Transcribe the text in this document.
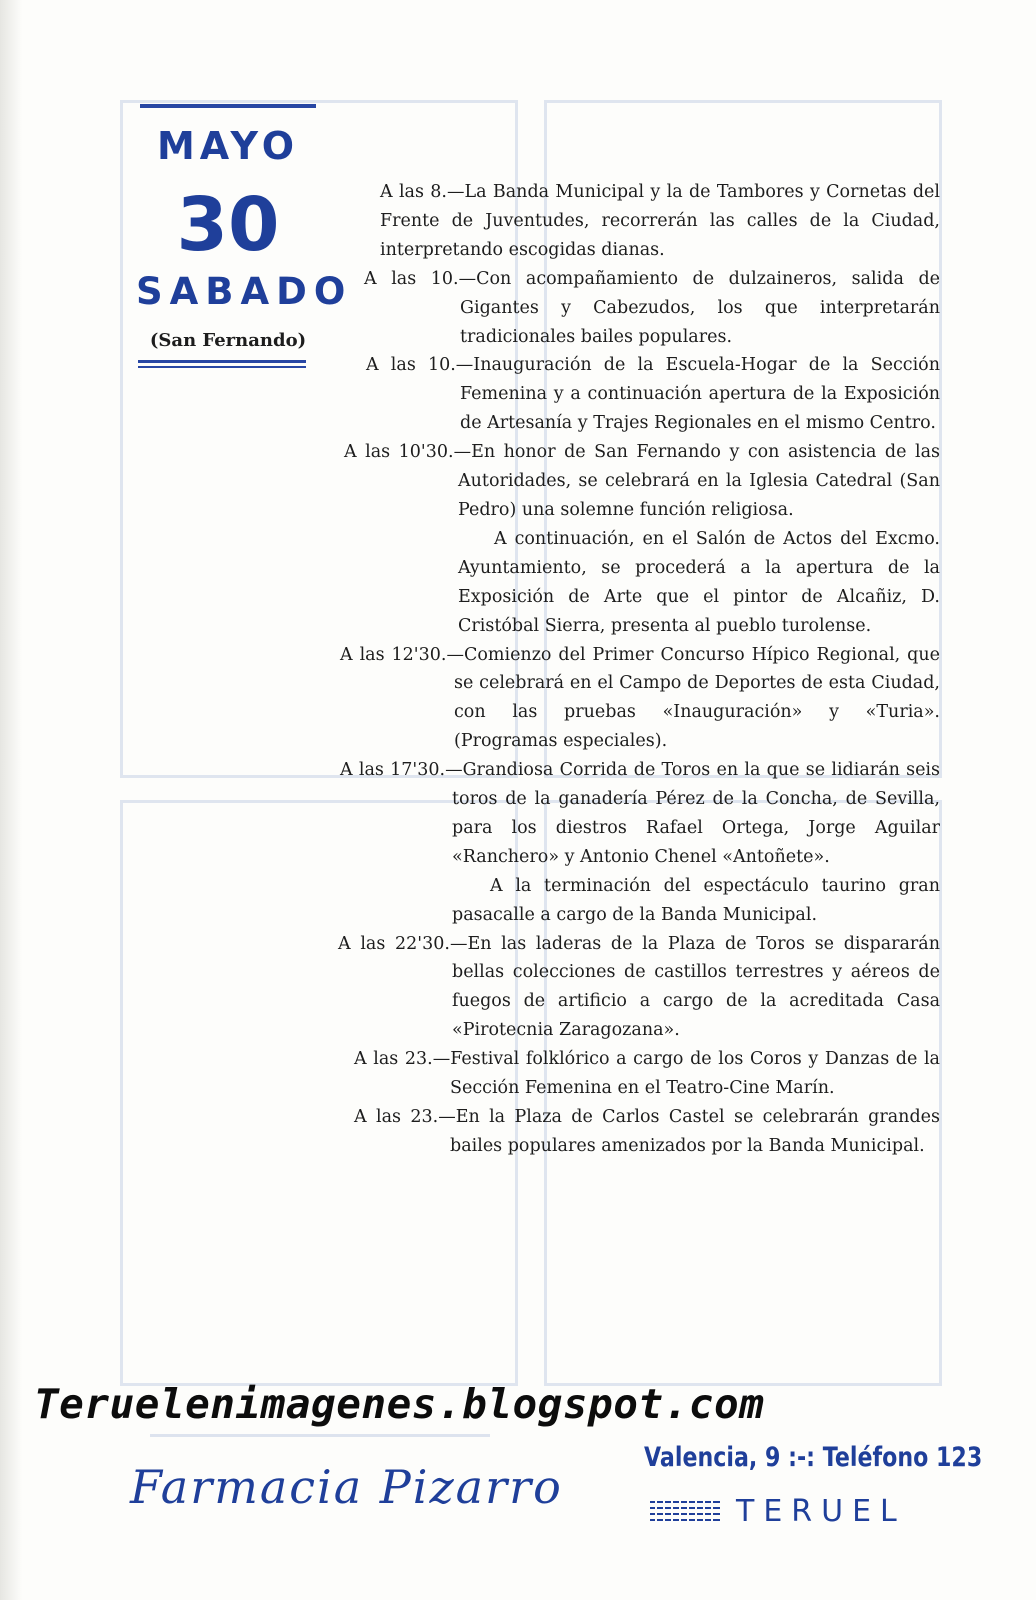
MAYO
30
SABADO
(San Fernando)

A las 8.—La Banda Municipal y la de Tambores y Cornetas del Frente de Juventudes, recorrerán las calles de la Ciudad, interpretando escogidas dianas.

A las 10.—Con acompañamiento de dulzaineros, salida de Gigantes y Cabezudos, los que interpretarán tradicionales bailes populares.

A las 10.—Inauguración de la Escuela-Hogar de la Sección Femenina y a continuación apertura de la Exposición de Artesanía y Trajes Regionales en el mismo Centro.

A las 10'30.—En honor de San Fernando y con asistencia de las Autoridades, se celebrará en la Iglesia Catedral (San Pedro) una solemne función religiosa.

A continuación, en el Salón de Actos del Excmo. Ayuntamiento, se procederá a la apertura de la Exposición de Arte que el pintor de Alcañiz, D. Cristóbal Sierra, presenta al pueblo turolense.

A las 12'30.—Comienzo del Primer Concurso Hípico Regional, que se celebrará en el Campo de Deportes de esta Ciudad, con las pruebas «Inauguración» y «Turia». (Programas especiales).

A las 17'30.—Grandiosa Corrida de Toros en la que se lidiarán seis toros de la ganadería Pérez de la Concha, de Sevilla, para los diestros Rafael Ortega, Jorge Aguilar «Ranchero» y Antonio Chenel «Antoñete».

A la terminación del espectáculo taurino gran pasacalle a cargo de la Banda Municipal.

A las 22'30.—En las laderas de la Plaza de Toros se dispararán bellas colecciones de castillos terrestres y aéreos de fuegos de artificio a cargo de la acreditada Casa «Pirotecnia Zaragozana».

A las 23.—Festival folklórico a cargo de los Coros y Danzas de la Sección Femenina en el Teatro-Cine Marín.

A las 23.—En la Plaza de Carlos Castel se celebrarán grandes bailes populares amenizados por la Banda Municipal.

Teruelenimagenes.blogspot.com
Farmacia Pizarro
Valencia, 9 :-: Teléfono 123
TERUEL
